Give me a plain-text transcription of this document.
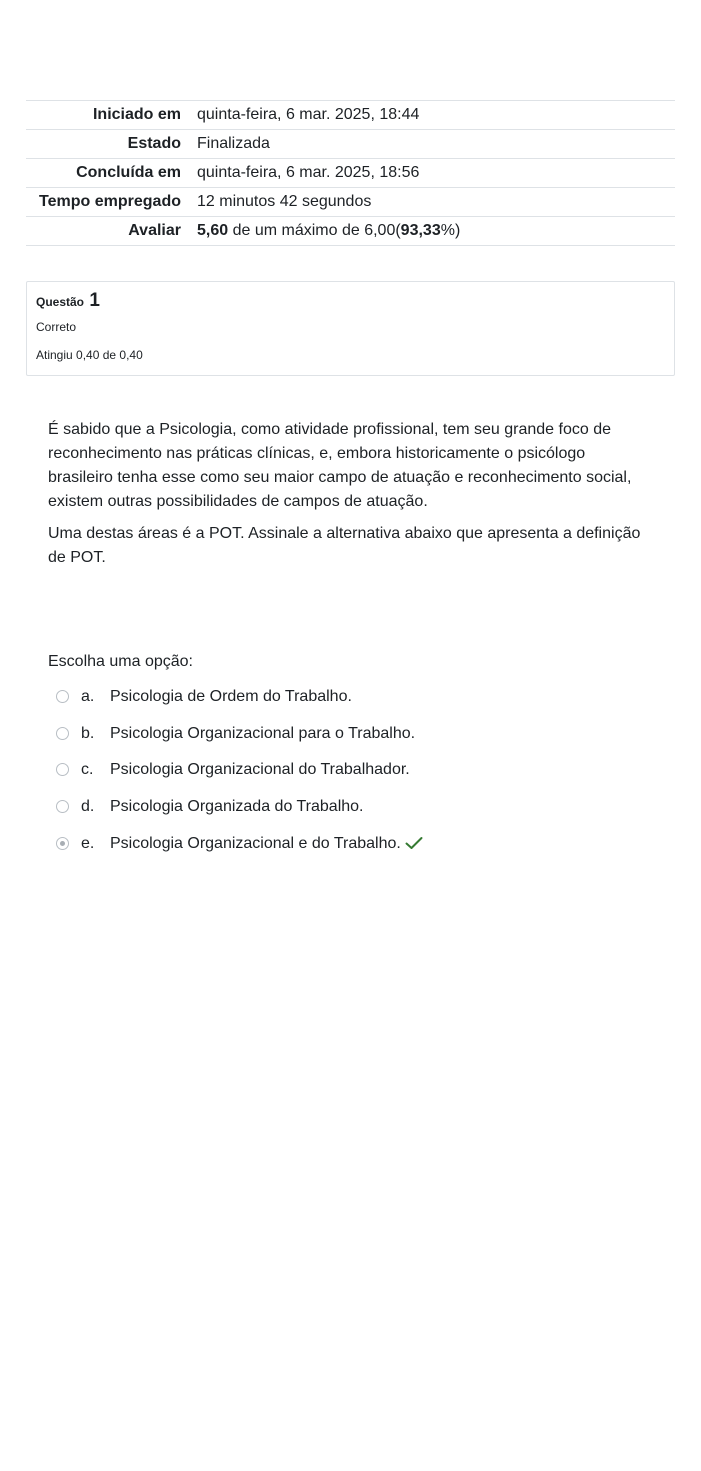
Iniciado em	quinta-feira, 6 mar. 2025, 18:44
Estado	Finalizada
Concluída em	quinta-feira, 6 mar. 2025, 18:56
Tempo empregado	12 minutos 42 segundos
Avaliar	5,60 de um máximo de 6,00(93,33%)
Questão 1
Correto
Atingiu 0,40 de 0,40

É sabido que a Psicologia, como atividade profissional, tem seu grande foco de reconhecimento nas práticas clínicas, e, embora historicamente o psicólogo brasileiro tenha esse como seu maior campo de atuação e reconhecimento social, existem outras possibilidades de campos de atuação.

Uma destas áreas é a POT. Assinale a alternativa abaixo que apresenta a definição de POT.

Escolha uma opção:
a. Psicologia de Ordem do Trabalho.
b. Psicologia Organizacional para o Trabalho.
c. Psicologia Organizacional do Trabalhador.
d. Psicologia Organizada do Trabalho.
e. Psicologia Organizacional e do Trabalho.
